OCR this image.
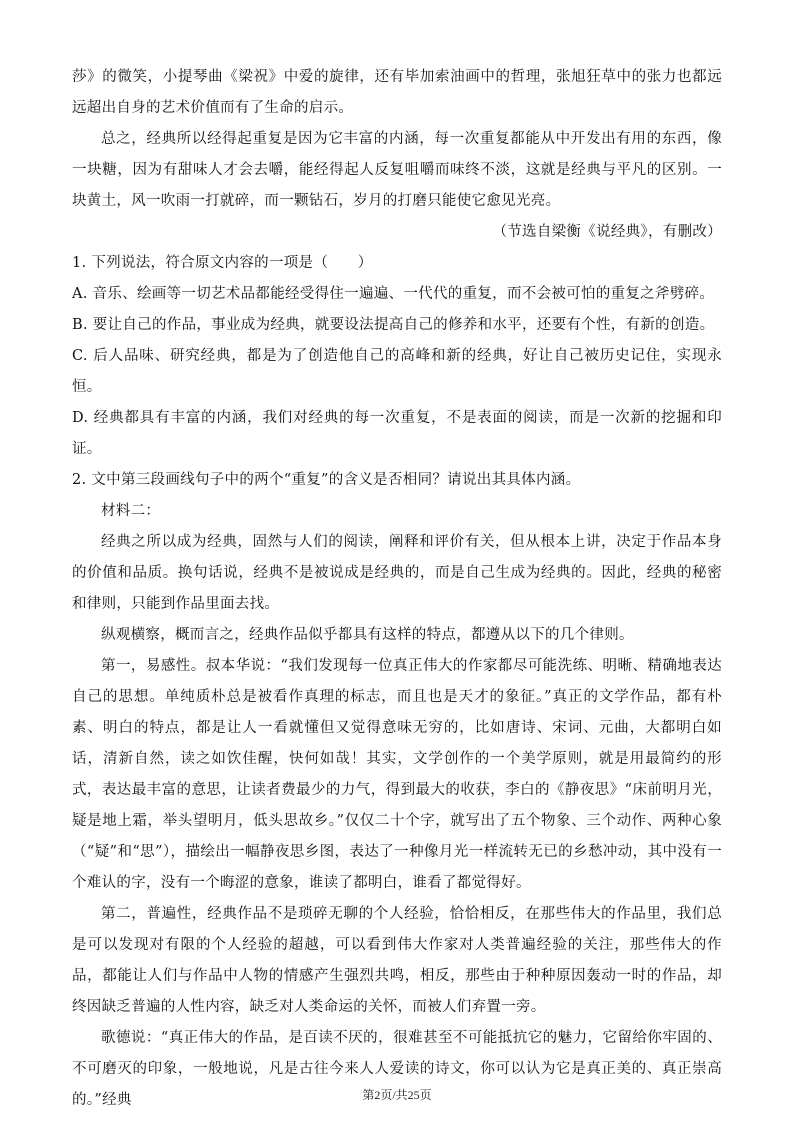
莎》的微笑，小提琴曲《梁祝》中爱的旋律，还有毕加索油画中的哲理，张旭狂草中的张力也都远远超出自身的艺术价值而有了生命的启示。

总之，经典所以经得起重复是因为它丰富的内涵，每一次重复都能从中开发出有用的东西，像一块糖，因为有甜味人才会去嚼，能经得起人反复咀嚼而味终不淡，这就是经典与平凡的区别。一块黄土，风一吹雨一打就碎，而一颗钻石，岁月的打磨只能使它愈见光亮。

（节选自梁衡《说经典》，有删改）

1. 下列说法，符合原文内容的一项是（　　）

A. 音乐、绘画等一切艺术品都能经受得住一遍遍、一代代的重复，而不会被可怕的重复之斧劈碎。

B. 要让自己的作品，事业成为经典，就要设法提高自己的修养和水平，还要有个性，有新的创造。

C. 后人品味、研究经典，都是为了创造他自己的高峰和新的经典，好让自己被历史记住，实现永恒。

D. 经典都具有丰富的内涵，我们对经典的每一次重复，不是表面的阅读，而是一次新的挖掘和印证。

2. 文中第三段画线句子中的两个“重复”的含义是否相同？请说出其具体内涵。

材料二：

经典之所以成为经典，固然与人们的阅读，阐释和评价有关，但从根本上讲，决定于作品本身的价值和品质。换句话说，经典不是被说成是经典的，而是自己生成为经典的。因此，经典的秘密和律则，只能到作品里面去找。

纵观横察，概而言之，经典作品似乎都具有这样的特点，都遵从以下的几个律则。

第一，易感性。叔本华说：“我们发现每一位真正伟大的作家都尽可能洗练、明晰、精确地表达自己的思想。单纯质朴总是被看作真理的标志，而且也是天才的象征。”真正的文学作品，都有朴素、明白的特点，都是让人一看就懂但又觉得意味无穷的，比如唐诗、宋词、元曲，大都明白如话，清新自然，读之如饮佳醒，快何如哉！其实，文学创作的一个美学原则，就是用最简约的形式，表达最丰富的意思，让读者费最少的力气，得到最大的收获，李白的《静夜思》“床前明月光，疑是地上霜，举头望明月，低头思故乡。”仅仅二十个字，就写出了五个物象、三个动作、两种心象（“疑”和“思”），描绘出一幅静夜思乡图，表达了一种像月光一样流转无已的乡愁冲动，其中没有一个难认的字，没有一个晦涩的意象，谁读了都明白，谁看了都觉得好。

第二，普遍性，经典作品不是琐碎无聊的个人经验，恰恰相反，在那些伟大的作品里，我们总是可以发现对有限的个人经验的超越，可以看到伟大作家对人类普遍经验的关注，那些伟大的作品，都能让人们与作品中人物的情感产生强烈共鸣，相反，那些由于种种原因轰动一时的作品，却终因缺乏普遍的人性内容，缺乏对人类命运的关怀，而被人们弃置一旁。

歌德说：“真正伟大的作品，是百读不厌的，很难甚至不可能抵抗它的魅力，它留给你牢固的、不可磨灭的印象，一般地说，凡是古往今来人人爱读的诗文，你可以认为它是真正美的、真正崇高的。”经典	第2页/共25页
